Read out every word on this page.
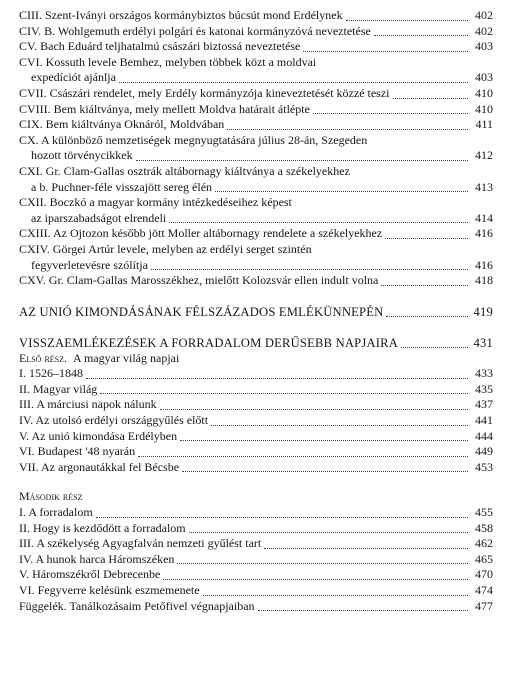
CIII. Szent-Iványi országos kormánybiztos búcsút mond Erdélynek	402
CIV. B. Wohlgemuth erdélyi polgári és katonai kormányzóvá neveztetése	402
CV. Bach Eduárd teljhatalmú császári biztossá neveztetése	403
CVI. Kossuth levele Bemhez, melyben többek közt a moldvai
expedíciót ajánlja	403
CVII. Császári rendelet, mely Erdély kormányzója kineveztetését közzé teszi	410
CVIII. Bem kiáltványa, mely mellett Moldva határait átlépte	410
CIX. Bem kiáltványa Oknáról, Moldvában	411
CX. A különböző nemzetiségek megnyugtatására július 28-án, Szegeden
hozott törvénycikkek	412
CXI. Gr. Clam-Gallas osztrák altábornagy kiáltványa a székelyekhez
a b. Puchner-féle visszajött sereg élén	413
CXII. Boczkó a magyar kormány intézkedéseihez képest
az iparszabadságot elrendeli	414
CXIII. Az Ojtozon később jött Moller altábornagy rendelete a székelyekhez	416
CXIV. Görgei Artúr levele, melyben az erdélyi serget szintén
fegyverletevésre szólítja	416
CXV. Gr. Clam-Gallas Marosszékhez, mielőtt Kolozsvár ellen indult volna	418
AZ UNIÓ KIMONDÁSÁNAK FÉLSZÁZADOS EMLÉKÜNNEPÉN	419
VISSZAEMLÉKEZÉSEK A FORRADALOM DERŰSEBB NAPJAIRA	431
Első rész.
A magyar világ napjai
I. 1526–1848	433
II. Magyar világ	435
III. A márciusi napok nálunk	437
IV. Az utolsó erdélyi országgyűlés előtt	441
V. Az unió kimondása Erdélyben	444
VI. Budapest '48 nyarán	449
VII. Az argonautákkal fel Bécsbe	453
Második rész
I. A forradalom	455
II. Hogy is kezdődött a forradalom	458
III. A székelység Agyagfalván nemzeti gyűlést tart	462
IV. A hunok harca Háromszéken	465
V. Háromszékről Debrecenbe	470
VI. Fegyverre kelésünk eszmemenete	474
Függelék. Tanálkozásaim Petőfivel végnapjaiban	477
